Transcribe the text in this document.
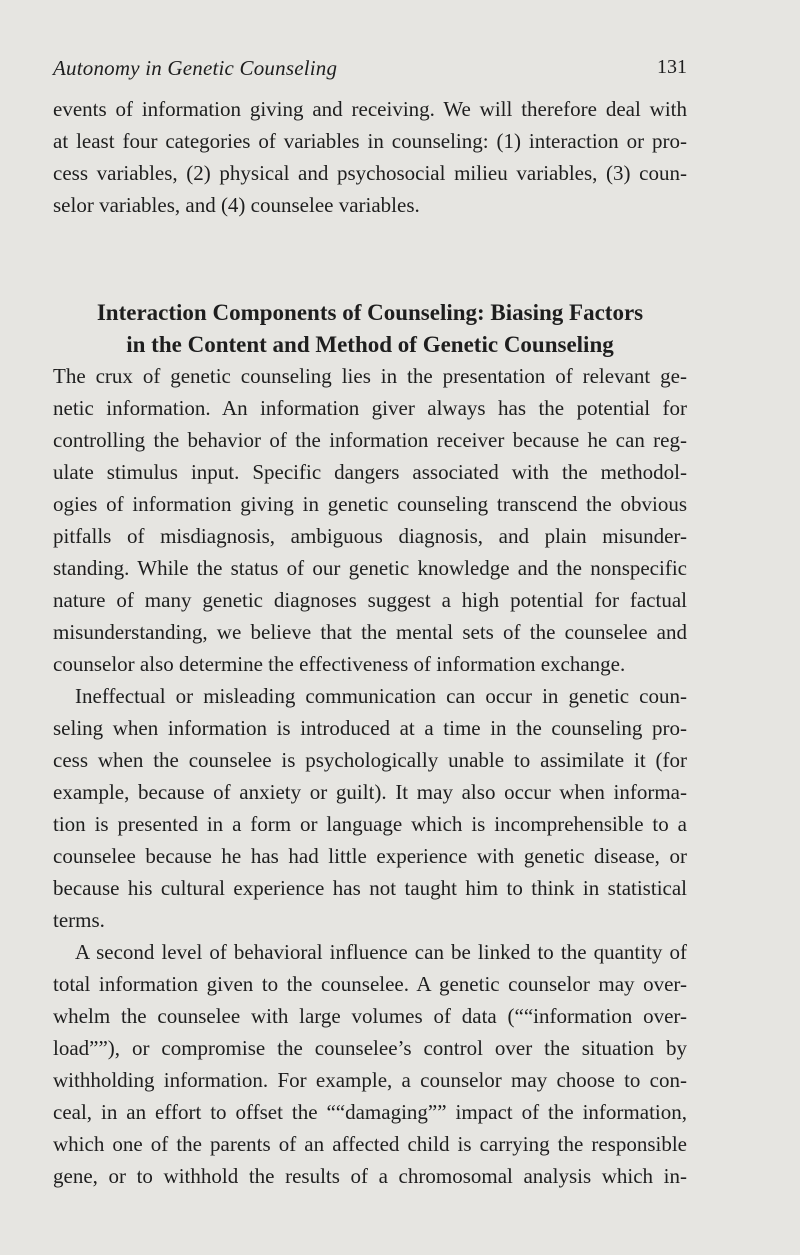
Autonomy in Genetic Counseling	131
events of information giving and receiving. We will therefore deal with
at least four categories of variables in counseling: (1) interaction or pro-
cess variables, (2) physical and psychosocial milieu variables, (3) coun-
selor variables, and (4) counselee variables.
Interaction Components of Counseling: Biasing Factors
in the Content and Method of Genetic Counseling
The crux of genetic counseling lies in the presentation of relevant ge-
netic information. An information giver always has the potential for
controlling the behavior of the information receiver because he can reg-
ulate stimulus input. Specific dangers associated with the methodol-
ogies of information giving in genetic counseling transcend the obvious
pitfalls of misdiagnosis, ambiguous diagnosis, and plain misunder-
standing. While the status of our genetic knowledge and the nonspecific
nature of many genetic diagnoses suggest a high potential for factual
misunderstanding, we believe that the mental sets of the counselee and
counselor also determine the effectiveness of information exchange.
Ineffectual or misleading communication can occur in genetic coun-
seling when information is introduced at a time in the counseling pro-
cess when the counselee is psychologically unable to assimilate it (for
example, because of anxiety or guilt). It may also occur when informa-
tion is presented in a form or language which is incomprehensible to a
counselee because he has had little experience with genetic disease, or
because his cultural experience has not taught him to think in statistical
terms.
A second level of behavioral influence can be linked to the quantity of
total information given to the counselee. A genetic counselor may over-
whelm the counselee with large volumes of data (““information over-
load””), or compromise the counselee’s control over the situation by
withholding information. For example, a counselor may choose to con-
ceal, in an effort to offset the ““damaging”” impact of the information,
which one of the parents of an affected child is carrying the responsible
gene, or to withhold the results of a chromosomal analysis which in-
